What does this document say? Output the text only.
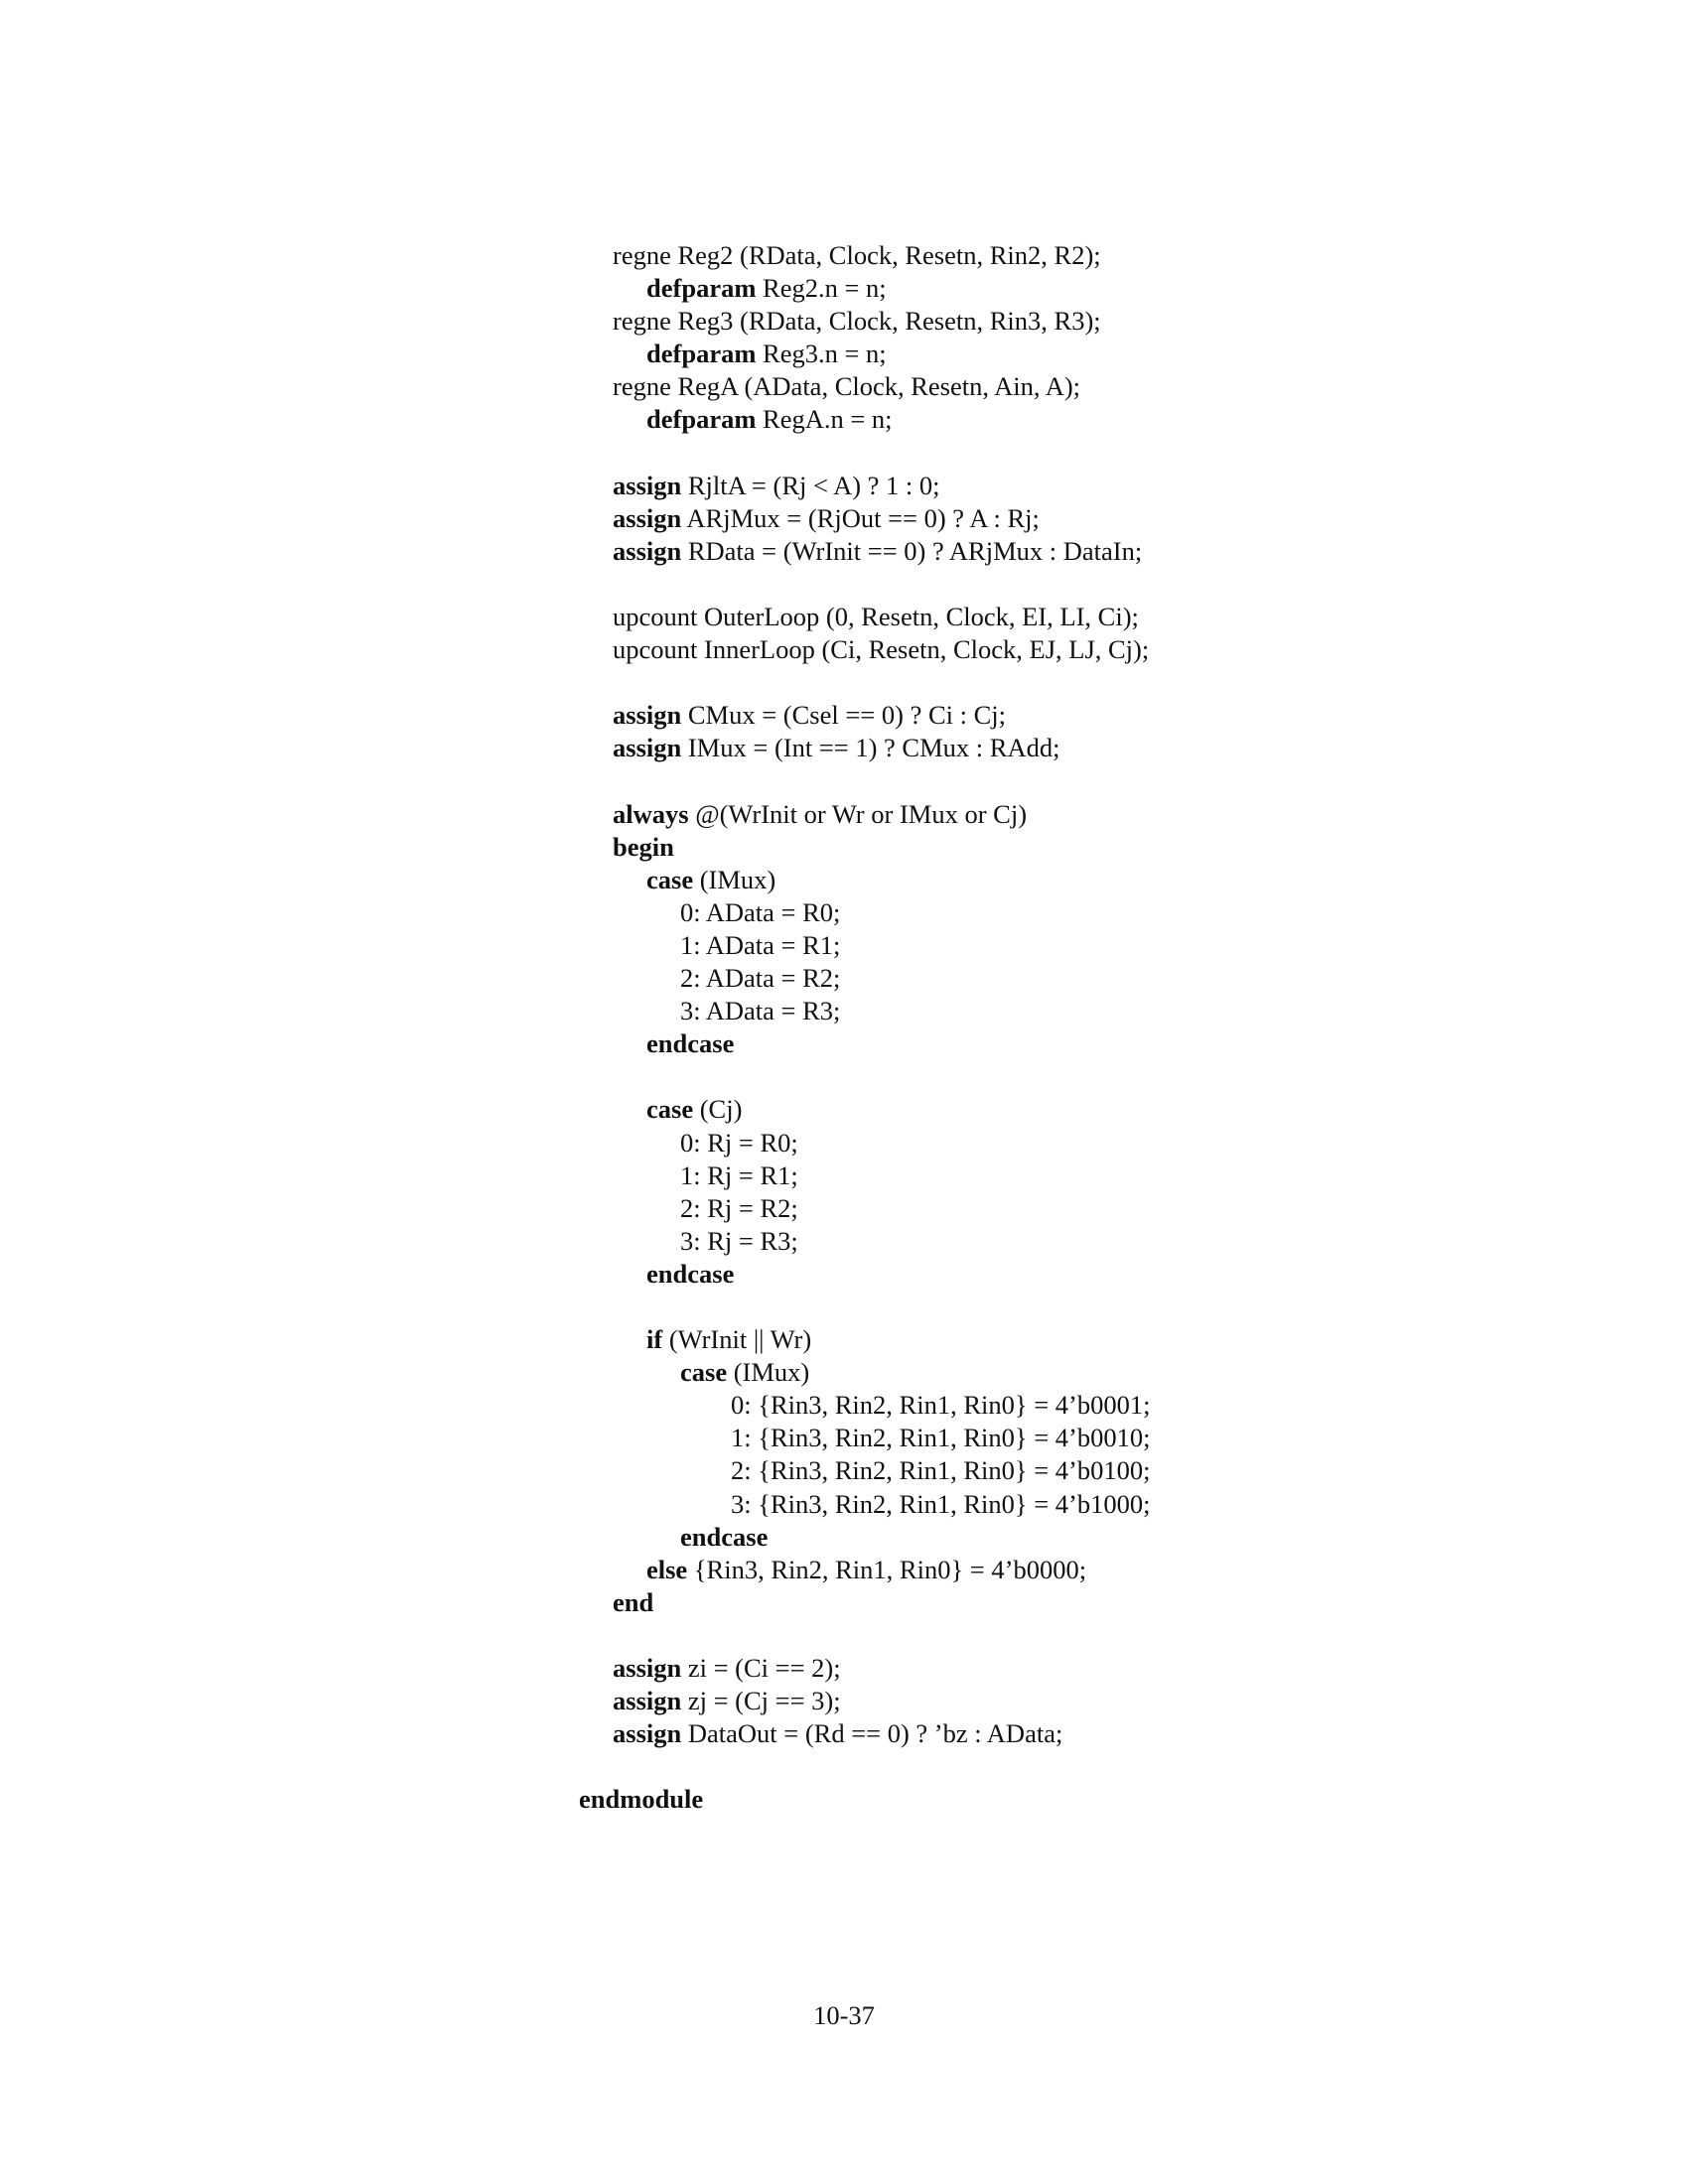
regne Reg2 (RData, Clock, Resetn, Rin2, R2);
defparam Reg2.n = n;
regne Reg3 (RData, Clock, Resetn, Rin3, R3);
defparam Reg3.n = n;
regne RegA (AData, Clock, Resetn, Ain, A);
defparam RegA.n = n;
assign RjltA = (Rj < A) ? 1 : 0;
assign ARjMux = (RjOut == 0) ? A : Rj;
assign RData = (WrInit == 0) ? ARjMux : DataIn;
upcount OuterLoop (0, Resetn, Clock, EI, LI, Ci);
upcount InnerLoop (Ci, Resetn, Clock, EJ, LJ, Cj);
assign CMux = (Csel == 0) ? Ci : Cj;
assign IMux = (Int == 1) ? CMux : RAdd;
always @(WrInit or Wr or IMux or Cj)
begin
case (IMux)
0: AData = R0;
1: AData = R1;
2: AData = R2;
3: AData = R3;
endcase
case (Cj)
0: Rj = R0;
1: Rj = R1;
2: Rj = R2;
3: Rj = R3;
endcase
if (WrInit || Wr)
case (IMux)
0: {Rin3, Rin2, Rin1, Rin0} = 4’b0001;
1: {Rin3, Rin2, Rin1, Rin0} = 4’b0010;
2: {Rin3, Rin2, Rin1, Rin0} = 4’b0100;
3: {Rin3, Rin2, Rin1, Rin0} = 4’b1000;
endcase
else {Rin3, Rin2, Rin1, Rin0} = 4’b0000;
end
assign zi = (Ci == 2);
assign zj = (Cj == 3);
assign DataOut = (Rd == 0) ? ’bz : AData;
endmodule
10-37
